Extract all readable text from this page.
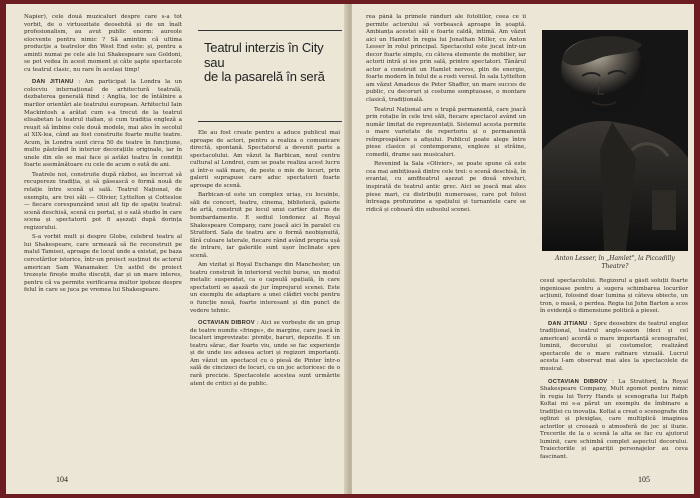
Napier), cele două muzicaluri despre care s-a tot vorbit, de o virtuozitate deosebită și de un înalt profesionalism, au avut public enorm: aureole elocvente pentru nimic ? Să amintim că ultima producție a teatrelor din West End este: și, pentru a aminti numai pe cele ale lui Shakespeare sau Goldoni, se pot vedea în acest moment și câte șapte spectacole cu teatrul clasic, nu rare în același timp!

DAN JITIANU : Am participat la Londra la un colocviu internațional de arhitectură teatrală, dezbaterea generală fiind : Anglia, loc de întâlnire a marilor orientări ale teatrului european. Arhitectul Iain Mackintosh a arătat cum s-a trecut de la teatrul elisabetan la teatrul italian, și cum tradiția engleză a reușit să îmbine cele două modele, mai ales în secolul al XIX-lea, când au fost construite foarte multe teatre. Acum, în Londra sunt circa 50 de teatre în funcțiune, multe păstrând în interior decorațiile originale, iar în unele din ele se mai face și astăzi teatru în condiții foarte asemănătoare cu cele de acum o sută de ani.

Teatrele noi, construite după război, au încercat să recupereze tradiția, și să găsească o formă nouă de relație între scenă și sală. Teatrul Național, de exemplu, are trei săli — Olivier, Lyttelton și Cottesloe — fiecare corespunzând unui alt tip de spațiu teatral: scenă deschisă, scenă cu portal, și o sală studio în care scena și spectatorii pot fi așezați după dorința regizorului.

S-a vorbit mult și despre Globe, celebrul teatru al lui Shakespeare, care urmează să fie reconstruit pe malul Tamisei, aproape de locul unde a existat, pe baza cercetărilor istorice, într-un proiect susținut de actorul american Sam Wanamaker. Un astfel de proiect trezește firește multe discuții, dar și un mare interes, pentru că va permite verificarea multor ipoteze despre felul în care se juca pe vremea lui Shakespeare.

Teatrul interzis în City
sau
de la pasarelă în seră

Ele au fost create pentru a aduce publicul mai aproape de actori, pentru a realiza o comunicare directă, spontană. Spectatorul a devenit parte a spectacolului. Am văzut la Barbican, noul centru cultural al Londrei, cum se poate realiza acest lucru și într-o sală mare, de peste o mie de locuri, prin galerii suprapuse care aduc spectatorii foarte aproape de scenă.

Barbican-ul este un complex uriaș, cu locuințe, săli de concert, teatru, cinema, bibliotecă, galerie de artă, construit pe locul unui cartier distrus de bombardamente. E sediul londonez al Royal Shakespeare Company, care joacă aici în paralel cu Stratford. Sala de teatru are o formă neobișnuită, fără culoare laterale, fiecare rând având propria ușă de intrare, iar galeriile sunt ușor înclinate spre scenă.

Am vizitat și Royal Exchange din Manchester, un teatru construit în interiorul vechii burse, un modul metalic suspendat, ca o capsulă spațială, în care spectatorii se așază de jur împrejurul scenei. Este un exemplu de adaptare a unei clădiri vechi pentru o funcție nouă, foarte interesant și din punct de vedere tehnic.

OCTAVIAN DIBROV : Aici se vorbește de un grup de teatre numite «fringe», de margine, care joacă în localuri improvizate: pivnițe, baruri, depozite. E un teatru sărac, dar foarte viu, unde se fac experiențe și de unde ies adesea actori și regizori importanți. Am văzut un spectacol cu o piesă de Pinter într-o sală de cincizeci de locuri, cu un joc actoricesc de o rară precizie. Spectacolele acestea sunt urmărite atent de critici și de public.

104

rea până la primele rânduri ale fotoliilor, ceea ce îi permite actorului să vorbească aproape în șoaptă. Ambianța acestei săli e foarte caldă, intimă. Am văzut aici un Hamlet în regia lui Jonathan Miller, cu Anton Lesser în rolul principal. Spectacolul este jucat într-un decor foarte simplu, cu câteva elemente de mobilier, iar actorii intră și ies prin sală, printre spectatori. Tânărul actor a construit un Hamlet nervos, plin de energie, foarte modern în felul de a rosti versul. În sala Lyttelton am văzut Amadeus de Peter Shaffer, un mare succes de public, cu decoruri și costume somptuoase, o montare clasică, tradițională.

Teatrul Național are o trupă permanentă, care joacă prin rotație în cele trei săli, fiecare spectacol având un număr limitat de reprezentații. Sistemul acesta permite o mare varietate de repertoriu și o permanentă reîmprospătare a afișului. Publicul poate alege între piese clasice și contemporane, engleze și străine, comedii, drame sau musicaluri.

Revenind la Sala «Olivier», se poate spune că este cea mai ambițioasă dintre cele trei: o scenă deschisă, în evantai, cu amfiteatrul așezat pe două niveluri, inspirată de teatrul antic grec. Aici se joacă mai ales piese mari, cu distribuții numeroase, care pot folosi întreaga profunzime a spațiului și turnantele care se ridică și coboară din subsolul scenei.

Anton Lesser, în „Hamlet", la Piccadilly Theatre?

cesul spectacolului. Regizorul a găsit soluții foarte ingenioase pentru a sugera schimbarea locurilor acțiunii, folosind doar lumina și câteva obiecte, un tron, o masă, o perdea. Regia lui John Barton a scos în evidență o dimensiune politică a piesei.

DAN JITIANU : Spre deosebire de teatrul englez tradițional, teatrul anglo-saxon (deci și cel american) acordă o mare importanță scenografiei, luminii, decorului și costumelor, realizând spectacole de o mare rafinare vizuală. Lucrul acesta l-am observat mai ales la spectacolele de musical.

OCTAVIAN DIBROV : La Stratford, la Royal Shakespeare Company, Mult zgomot pentru nimic în regia lui Terry Hands și scenografia lui Ralph Koltai mi s-a părut un exemplu de îmbinare a tradiției cu inovația. Koltai a creat o scenografie din oglinzi și plexiglas, care multiplică imaginea actorilor și creează o atmosferă de joc și iluzie. Trecerile de la o scenă la alta se fac cu ajutorul luminii, care schimbă complet aspectul decorului. Traiectoriile și apariții personajelor au ceva fascinant.

105
